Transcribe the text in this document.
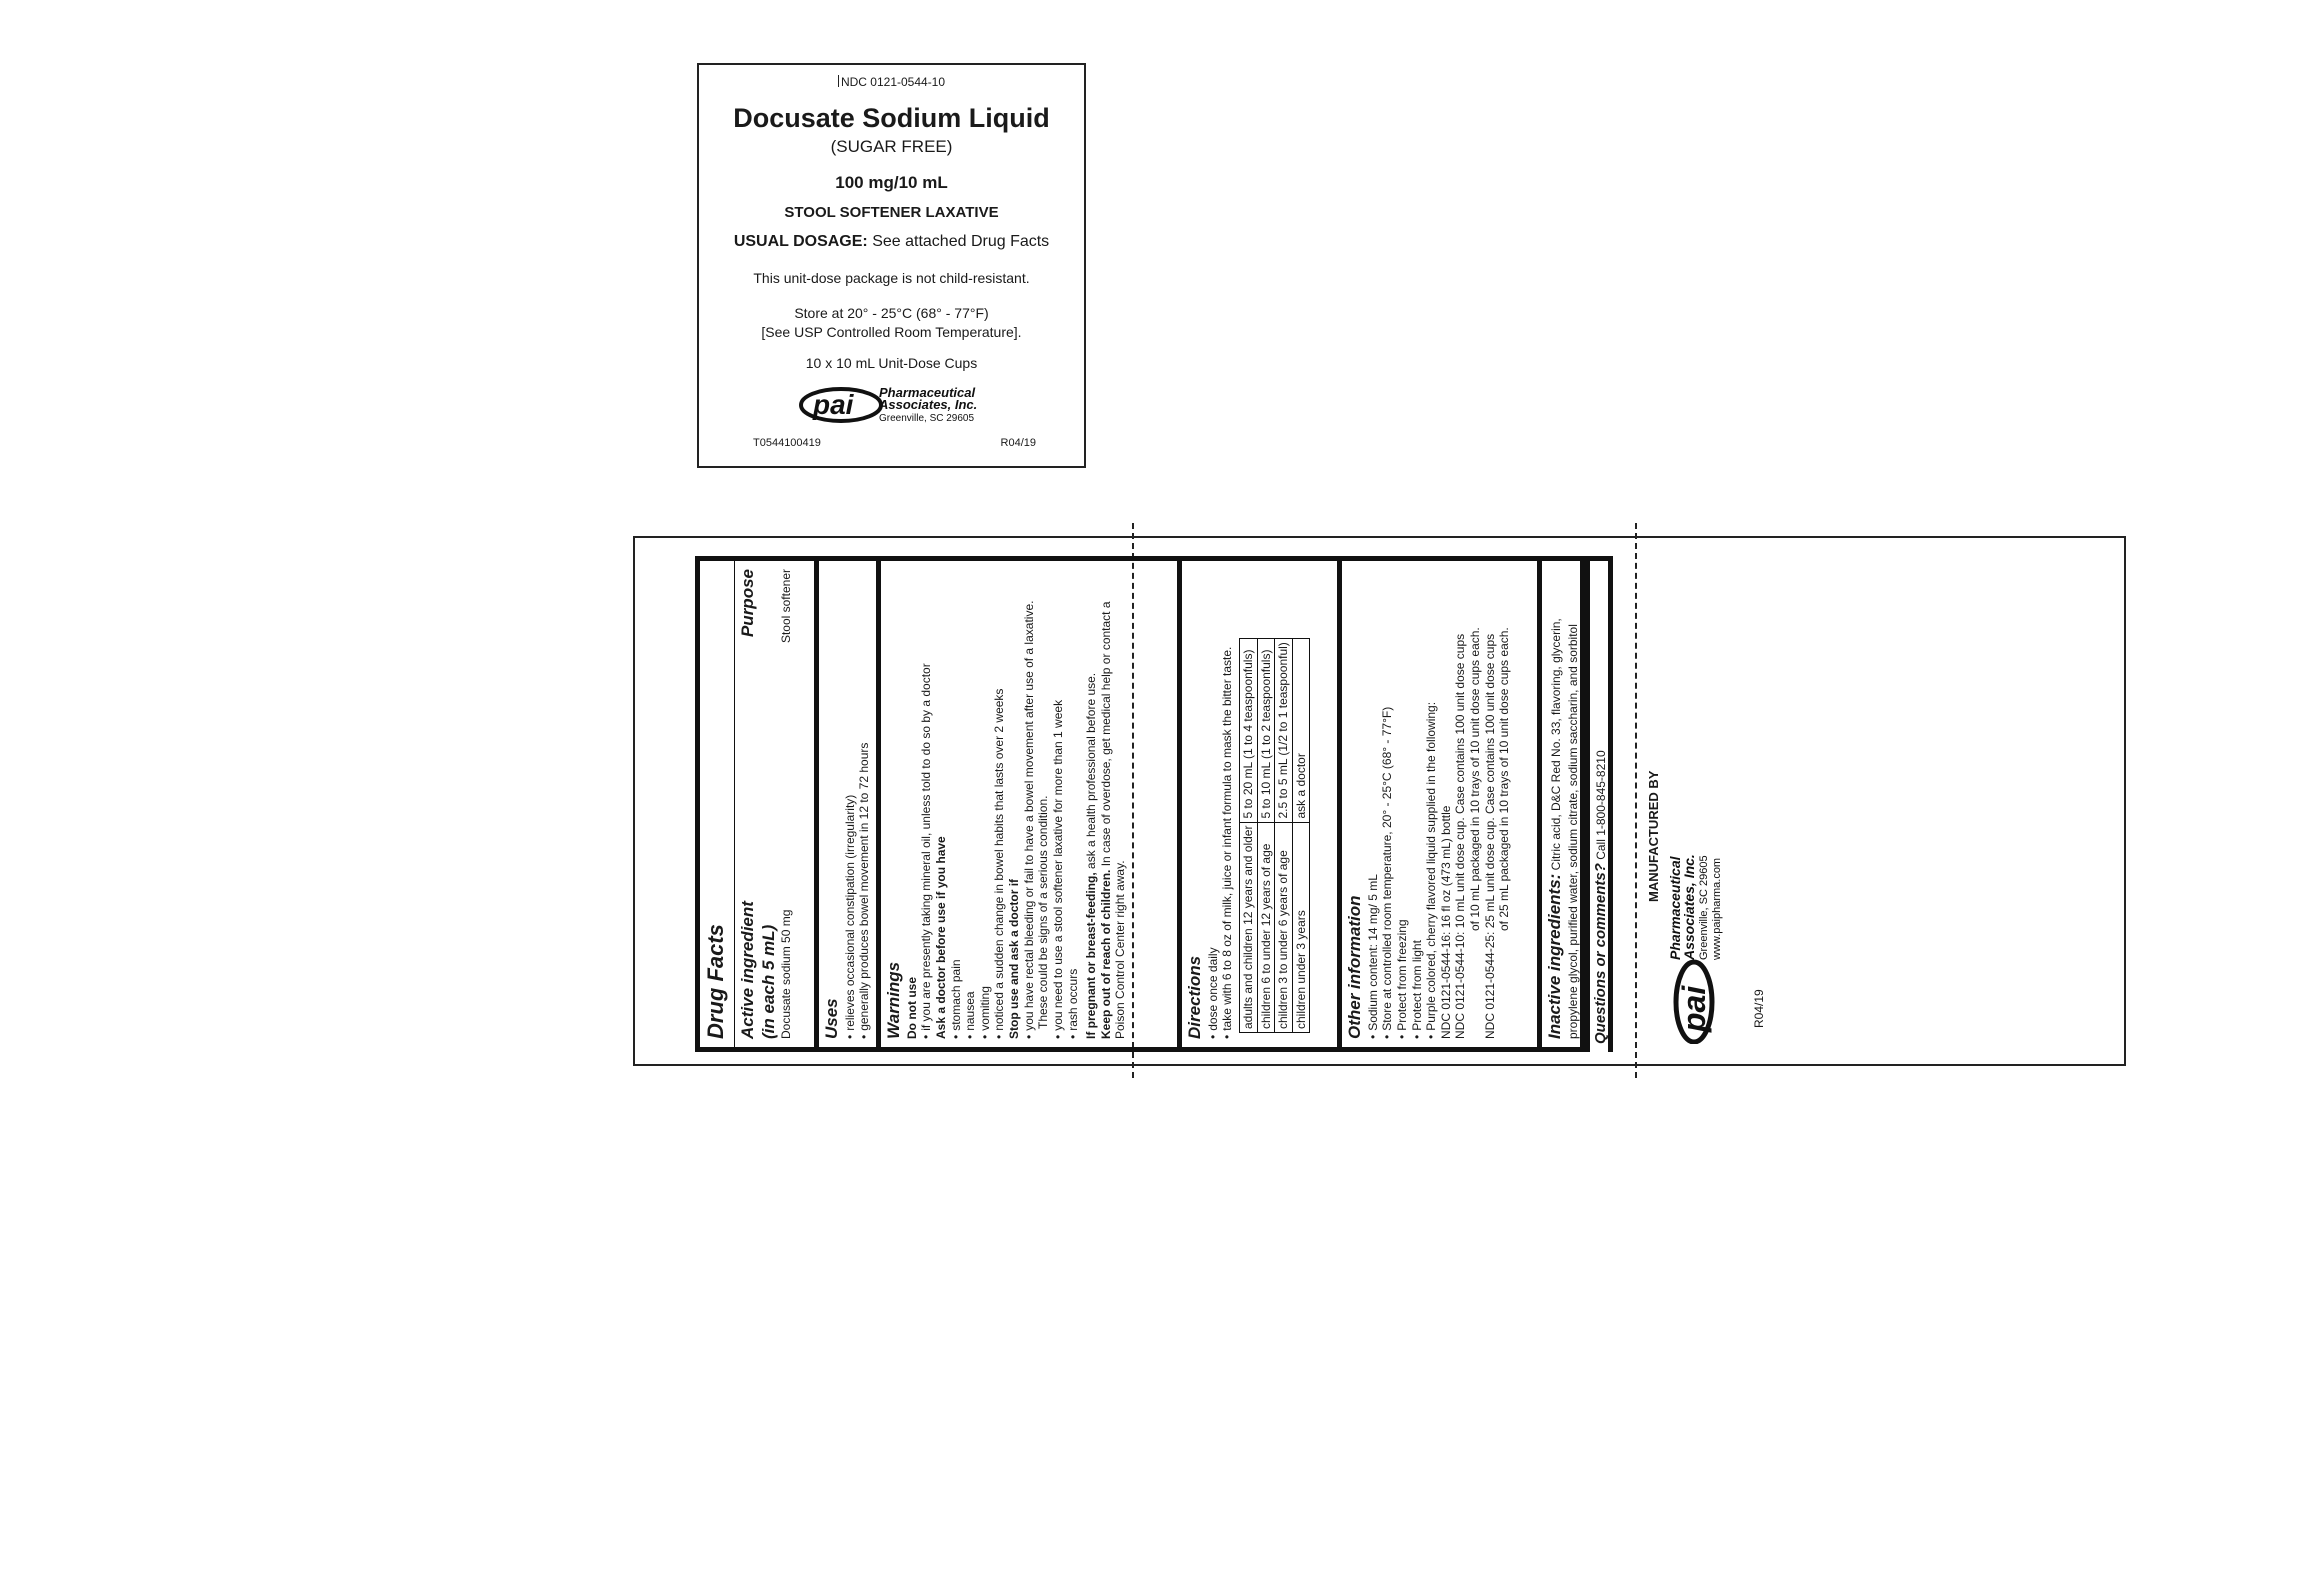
NDC 0121-0544-10
Docusate Sodium Liquid
(SUGAR FREE)
100 mg/10 mL
STOOL SOFTENER LAXATIVE
USUAL DOSAGE: See attached Drug Facts
This unit-dose package is not child-resistant.
Store at 20° - 25°C (68° - 77°F)
[See USP Controlled Room Temperature].
10 x 10 mL Unit-Dose Cups
pai Pharmaceutical
Associates, Inc.
Greenville, SC 29605
T0544100419	R04/19
Drug Facts Active ingredient
Purpose
(in each 5 mL) Docusate sodium 50 mg
Stool softener
Uses • relieves occasional constipation (irregularity) • generally produces bowel movement in 12 to 72 hours Warnings Do not use • if you are presently taking mineral oil, unless told to do so by a doctor Ask a doctor before use if you have • stomach pain • nausea • vomiting • noticed a sudden change in bowel habits that lasts over 2 weeks Stop use and ask a doctor if • you have rectal bleeding or fail to have a bowel movement after use of a laxative. These could be signs of a serious condition. • you need to use a stool softener laxative for more than 1 week • rash occurs If pregnant or breast-feeding, ask a health professional before use.
Keep out of reach of children. In case of overdose, get medical help or contact a Poison Control Center right away.	Directions • dose once daily • take with 6 to 8 oz of milk, juice or infant formula to mask the bitter taste. adults and children 12 years and older	5 to 20 mL (1 to 4 teaspoonfuls)
children 6 to under 12 years of age	5 to 10 mL (1 to 2 teaspoonfuls)
children 3 to under 6 years of age	2.5 to 5 mL (1/2 to 1 teaspoonful)
children under 3 years	ask a doctor
Other information • Sodium content: 14 mg/ 5 mL • Store at controlled room temperature, 20° - 25°C (68° - 77°F) • Protect from freezing • Protect from light • Purple colored, cherry flavored liquid supplied in the following: NDC 0121-0544-16: 16 fl oz (473 mL) bottle NDC 0121-0544-10: 10 mL unit dose cup. Case contains 100 unit dose cups of 10 mL packaged in 10 trays of 10 unit dose cups each. NDC 0121-0544-25: 25 mL unit dose cup. Case contains 100 unit dose cups of 25 mL packaged in 10 trays of 10 unit dose cups each.
Inactive ingredients: Citric acid, D&C Red No. 33, flavoring, glycerin, propylene glycol, purified water, sodium citrate, sodium saccharin, and sorbitol Questions or comments? Call 1-800-845-8210	MANUFACTURED BY
pai
Pharmaceutical
Associates, Inc. Greenville, SC 29605 www.paipharma.com
R04/19
